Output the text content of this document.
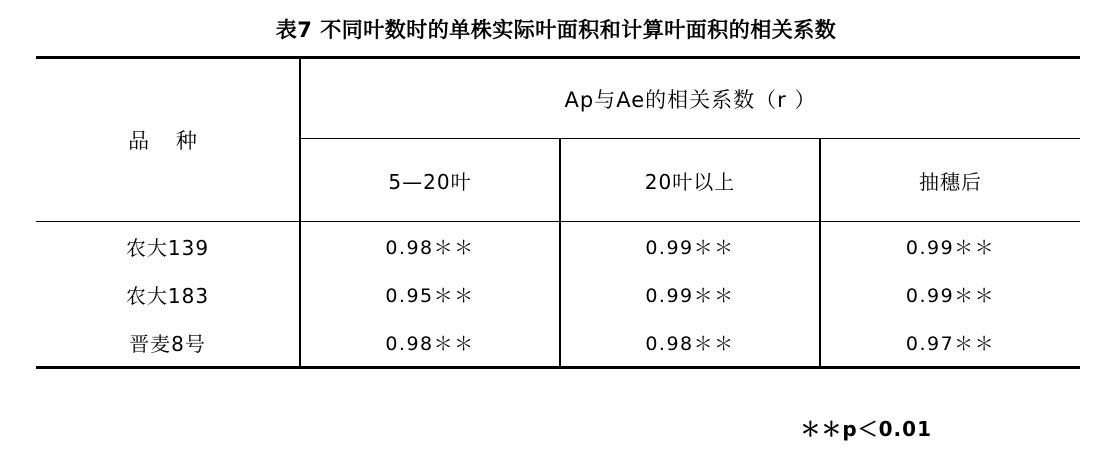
表7 不同叶数时的单株实际叶面积和计算叶面积的相关系数
品 种	Ap与Ae的相关系数（r ）		
	5—20叶	20叶以上	抽穗后
农大139	0.98＊＊	0.99＊＊	0.99＊＊
农大183	0.95＊＊	0.99＊＊	0.99＊＊
晋麦8号	0.98＊＊	0.98＊＊	0.97＊＊
＊＊p＜0.01
